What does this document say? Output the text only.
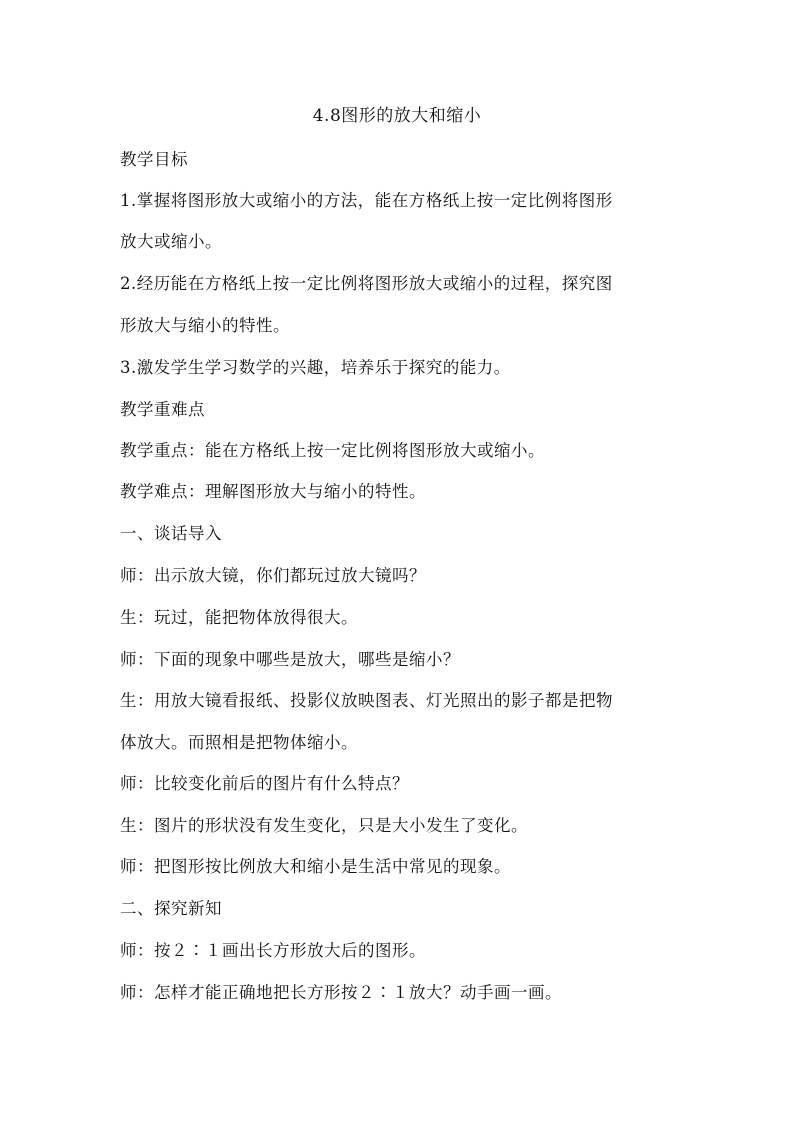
4.8图形的放大和缩小
教学目标
1.掌握将图形放大或缩小的方法，能在方格纸上按一定比例将图形
放大或缩小。
2.经历能在方格纸上按一定比例将图形放大或缩小的过程，探究图
形放大与缩小的特性。
3.激发学生学习数学的兴趣，培养乐于探究的能力。
教学重难点
教学重点：能在方格纸上按一定比例将图形放大或缩小。
教学难点：理解图形放大与缩小的特性。
一、谈话导入
师：出示放大镜，你们都玩过放大镜吗？
生：玩过，能把物体放得很大。
师：下面的现象中哪些是放大，哪些是缩小？
生：用放大镜看报纸、投影仪放映图表、灯光照出的影子都是把物
体放大。而照相是把物体缩小。
师：比较变化前后的图片有什么特点？
生：图片的形状没有发生变化，只是大小发生了变化。
师：把图形按比例放大和缩小是生活中常见的现象。
二、探究新知
师：按２∶１画出长方形放大后的图形。
师：怎样才能正确地把长方形按２∶１放大？动手画一画。
